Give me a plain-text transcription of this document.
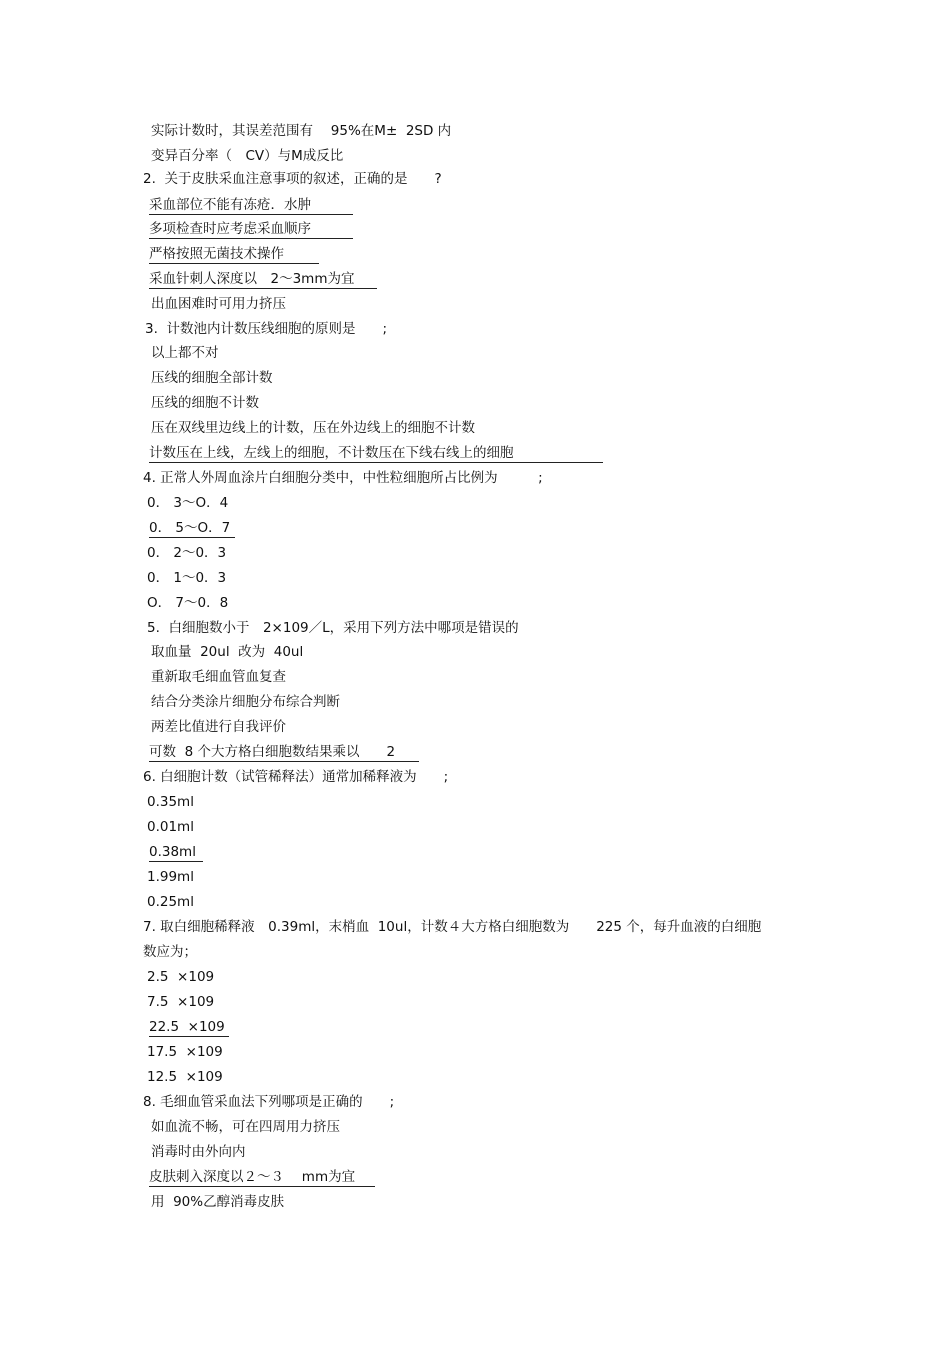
实际计数时，其误差范围有　 95%在M±  2SD 内
变异百分率（　CV）与M成反比
2.  关于皮肤采血注意事项的叙述，正确的是　　?
采血部位不能有冻疮．水肿
多项检查时应考虑采血顺序
严格按照无菌技术操作
采血针刺人深度以　2～3mm为宜
出血困难时可用力挤压
3.  计数池内计数压线细胞的原则是　　;
以上都不对
压线的细胞全部计数
压线的细胞不计数
压在双线里边线上的计数，压在外边线上的细胞不计数
计数压在上线，左线上的细胞，不计数压在下线右线上的细胞
4. 正常人外周血涂片白细胞分类中，中性粒细胞所占比例为　　　;
0． 3～O．4
0． 5～O．7
0． 2～0．3
0． 1～0．3
O． 7～0．8
5.  白细胞数小于　2×109／L，采用下列方法中哪项是错误的
取血量  20ul  改为  40ul
重新取毛细血管血复查
结合分类涂片细胞分布综合判断
两差比值进行自我评价
可数  8 个大方格白细胞数结果乘以　　2
6. 白细胞计数（试管稀释法）通常加稀释液为　　;
0.35ml
0.01ml
0.38ml
1.99ml
0.25ml
7. 取白细胞稀释液　0.39ml，末梢血  10ul，计数４大方格白细胞数为　　225 个，每升血液的白细胞
数应为；
2.5  ×109
7.5  ×109
22.5  ×109
17.5  ×109
12.5  ×109
8. 毛细血管采血法下列哪项是正确的　　;
如血流不畅，可在四周用力挤压
消毒时由外向内
皮肤刺入深度以２～３　 mm为宜
用  90%乙醇消毒皮肤
